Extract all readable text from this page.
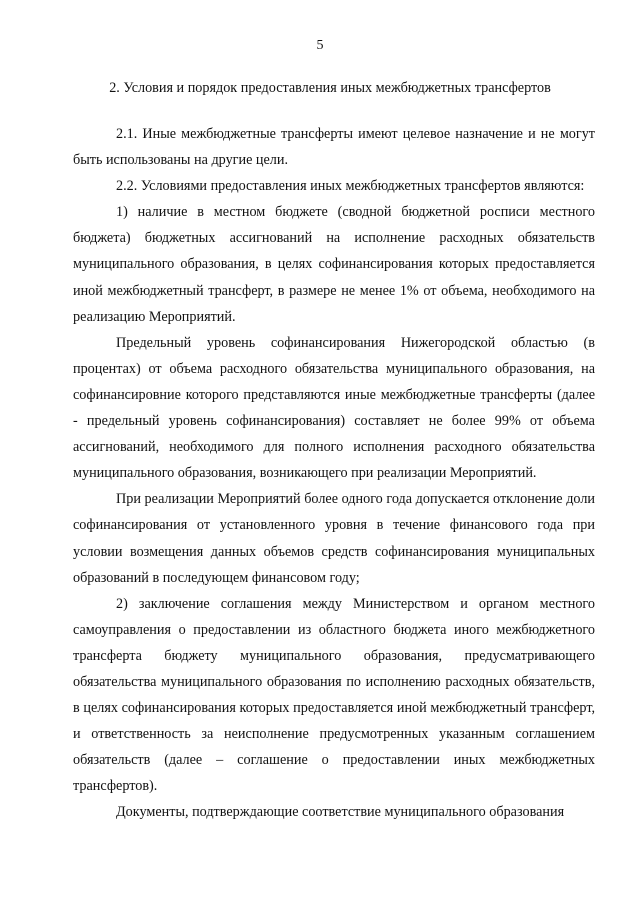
5
2. Условия и порядок предоставления иных межбюджетных трансфертов

2.1. Иные межбюджетные трансферты имеют целевое назначение и не могут быть использованы на другие цели.

2.2. Условиями предоставления иных межбюджетных трансфертов являются:

1) наличие в местном бюджете (сводной бюджетной росписи местного бюджета) бюджетных ассигнований на исполнение расходных обязательств муниципального образования, в целях софинансирования которых предоставляется иной межбюджетный трансферт, в размере не менее 1% от объема, необходимого на реализацию Мероприятий.

Предельный уровень софинансирования Нижегородской областью (в процентах) от объема расходного обязательства муниципального образования, на софинансировние которого представляются иные межбюджетные трансферты (далее - предельный уровень софинансирования) составляет не более 99% от объема ассигнований, необходимого для полного исполнения расходного обязательства муниципального образования, возникающего при реализации Мероприятий.

При реализации Мероприятий более одного года допускается отклонение доли софинансирования от установленного уровня в течение финансового года при условии возмещения данных объемов средств софинансирования муниципальных образований в последующем финансовом году;

2) заключение соглашения между Министерством и органом местного самоуправления о предоставлении из областного бюджета иного межбюджетного трансферта бюджету муниципального образования, предусматривающего обязательства муниципального образования по исполнению расходных обязательств, в целях софинансирования которых предоставляется иной межбюджетный трансферт, и ответственность за неисполнение предусмотренных указанным соглашением обязательств (далее – соглашение о предоставлении иных межбюджетных трансфертов).

Документы, подтверждающие соответствие муниципального образования
